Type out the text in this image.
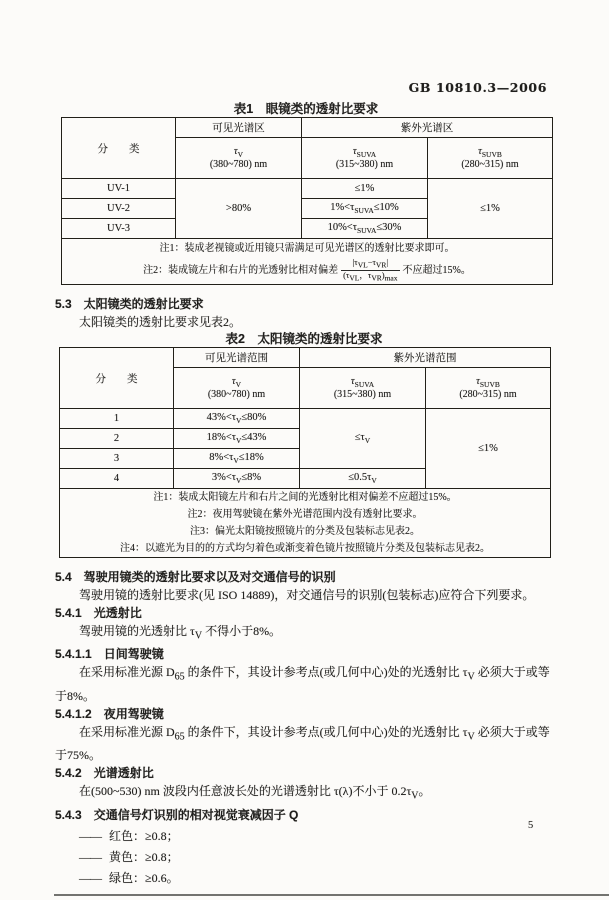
GB 10810.3—2006
表1　眼镜类的透射比要求
分　　类	可见光谱区	紫外光谱区	

$\tau_V$
(380~780) nm

$\tau_{SUVA}$
(315~380) nm

$\tau_{SUVB}$
(280~315) nm

UV-1	>80%	≤1%	≤1%
UV-2		$1\%<\tau_{SUVA}\le 10\%$	
UV-3		$10\%<\tau_{SUVA}\le 30\%$	

注1：装成老视镜或近用镜只需满足可见光谱区的透射比要求即可。
注2：装成镜左片和右片的光透射比相对偏差 $\frac{|\tau_{VL}-\tau_{VR}|}{(\tau_{VL},\tau_{VR})_{max}}$ 不应超过15%。			
5.3　太阳镜类的透射比要求
太阳镜类的透射比要求见表2。
表2　太阳镜类的透射比要求
分　　类	可见光谱范围	紫外光谱范围	

$\tau_V$
(380~780) nm

$\tau_{SUVA}$
(315~380) nm

$\tau_{SUVB}$
(280~315) nm

1	$43\%<\tau_V\le 80\%$	$\le\tau_V$	≤1%
2	$18\%<\tau_V\le 43\%$		
3	$8\%<\tau_V\le 18\%$		
4	$3\%<\tau_V\le 8\%$	$\le 0.5\tau_V$

注1：装成太阳镜左片和右片之间的光透射比相对偏差不应超过15%。
注2：夜用驾驶镜在紫外光谱范围内没有透射比要求。
注3：偏光太阳镜按照镜片的分类及包装标志见表2。
注4：以遮光为目的的方式均匀着色或渐变着色镜片按照镜片分类及包装标志见表2。			
5.4　驾驶用镜类的透射比要求以及对交通信号的识别
驾驶用镜的透射比要求(见 ISO 14889)，对交通信号的识别(包装标志)应符合下列要求。
5.4.1　光透射比
驾驶用镜的光透射比 $\tau_V$ 不得小于8%。
5.4.1.1　日间驾驶镜
在采用标准光源 $D_{65}$ 的条件下，其设计参考点(或几何中心)处的光透射比 $\tau_V$ 必须大于或等于8%。
5.4.1.2　夜用驾驶镜
在采用标准光源 $D_{65}$ 的条件下，其设计参考点(或几何中心)处的光透射比 $\tau_V$ 必须大于或等于75%。
5.4.2　光谱透射比
在(500~530) nm 波段内任意波长处的光谱透射比 τ(λ)不小于 $0.2\tau_V$。
5.4.3　交通信号灯识别的相对视觉衰减因子 Q
—— 红色：≥0.8；
—— 黄色：≥0.8；
—— 绿色：≥0.6。
5
